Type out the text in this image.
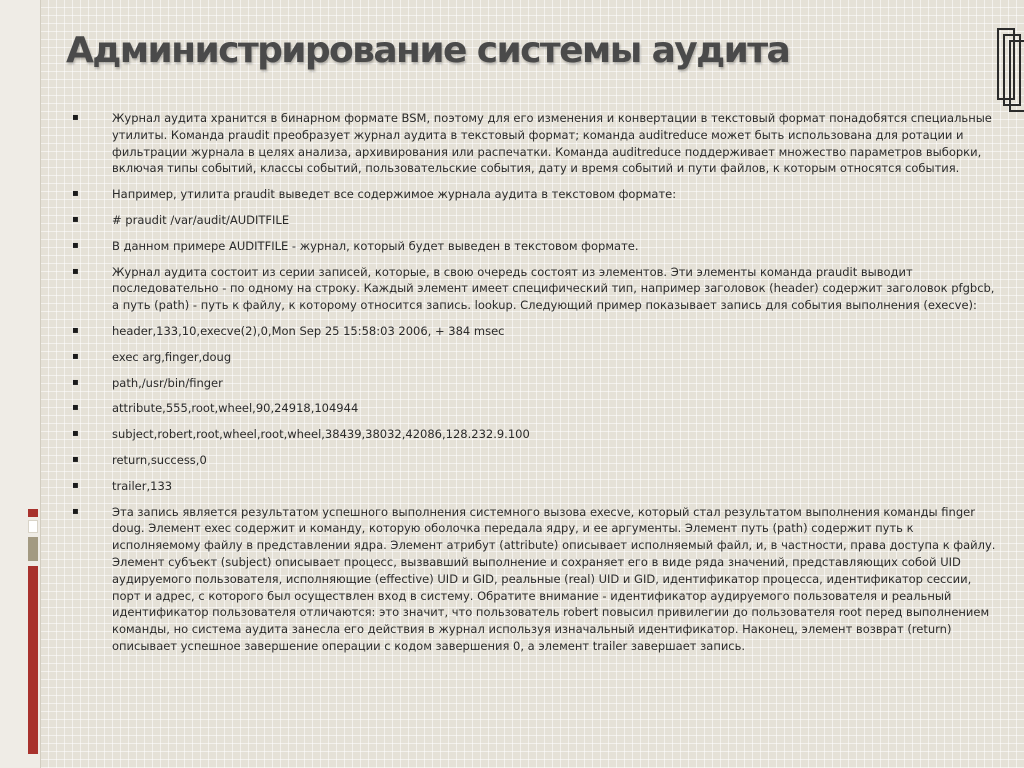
Администрирование системы аудита
▪ Журнал аудита хранится в бинарном формате BSM, поэтому для его изменения и конвертации в текстовый формат понадобятся специальные утилиты. Команда praudit преобразует журнал аудита в текстовый формат; команда auditreduce может быть использована для ротации и фильтрации журнала в целях анализа, архивирования или распечатки. Команда auditreduce поддерживает множество параметров выборки, включая типы событий, классы событий, пользовательские события, дату и время событий и пути файлов, к которым относятся события.
▪ Например, утилита praudit выведет все содержимое журнала аудита в текстовом формате:
▪ # praudit /var/audit/AUDITFILE
▪ В данном примере AUDITFILE - журнал, который будет выведен в текстовом формате.
▪ Журнал аудита состоит из серии записей, которые, в свою очередь состоят из элементов. Эти элементы команда praudit выводит последовательно - по одному на строку. Каждый элемент имеет специфический тип, например заголовок (header) содержит заголовок pfgbcb, а путь (path) - путь к файлу, к которому относится запись. lookup. Следующий пример показывает запись для события выполнения (execve):
▪ header,133,10,execve(2),0,Mon Sep 25 15:58:03 2006, + 384 msec
▪ exec arg,finger,doug
▪ path,/usr/bin/finger
▪ attribute,555,root,wheel,90,24918,104944
▪ subject,robert,root,wheel,root,wheel,38439,38032,42086,128.232.9.100
▪ return,success,0
▪ trailer,133
▪ Эта запись является результатом успешного выполнения системного вызова execve, который стал результатом выполнения команды finger doug. Элемент exec содержит и команду, которую оболочка передала ядру, и ее аргументы. Элемент путь (path) содержит путь к исполняемому файлу в представлении ядра. Элемент атрибут (attribute) описывает исполняемый файл, и, в частности, права доступа к файлу. Элемент субъект (subject) описывает процесс, вызвавший выполнение и сохраняет его в виде ряда значений, представляющих собой UID аудируемого пользователя, исполняющие (effective) UID и GID, реальные (real) UID и GID, идентификатор процесса, идентификатор сессии, порт и адрес, с которого был осуществлен вход в систему. Обратите внимание - идентификатор аудируемого пользователя и реальный идентификатор пользователя отличаются: это значит, что пользователь robert повысил привилегии до пользователя root перед выполнением команды, но система аудита занесла его действия в журнал используя изначальный идентификатор. Наконец, элемент возврат (return) описывает успешное завершение операции с кодом завершения 0, а элемент trailer завершает запись.
